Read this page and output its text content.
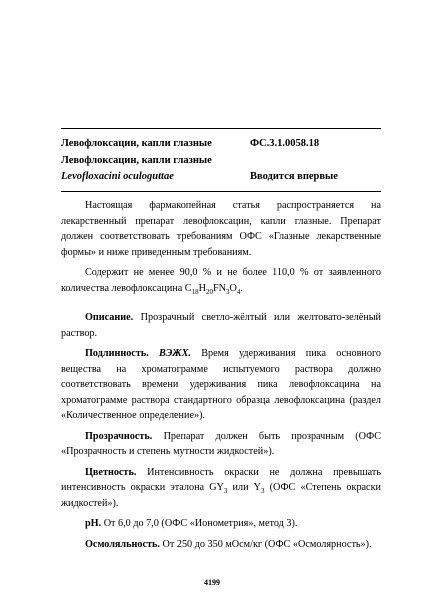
Левофлоксацин, капли глазные	ФС.3.1.0058.18
Левофлоксацин, капли глазные
Levofloxacini oculoguttae	Вводится впервые

Настоящая фармакопейная статья распространяется на лекарственный препарат левофлоксацин, капли глазные. Препарат должен соответствовать требованиям ОФС «Глазные лекарственные формы» и ниже приведенным требованиям.

Содержит не менее 90,0 % и не более 110,0 % от заявленного количества левофлоксацина $C_{18}H_{20}FN_3O_4$.

Описание. Прозрачный светло-жёлтый или желтовато-зелёный раствор.

Подлинность. ВЭЖХ. Время удерживания пика основного вещества на хроматограмме испытуемого раствора должно соответствовать времени удерживания пика левофлоксацина на хроматограмме раствора стандартного образца левофлоксацина (раздел «Количественное определение»).

Прозрачность. Препарат должен быть прозрачным (ОФС «Прозрачность и степень мутности жидкостей»).

Цветность. Интенсивность окраски не должна превышать интенсивность окраски эталона $GY_3$ или $Y_3$ (ОФС «Степень окраски жидкостей»).

pH. От 6,0 до 7,0 (ОФС «Ионометрия», метод 3).

Осмоляльность. От 250 до 350 мОсм/кг (ОФС «Осмолярность»).

4199
